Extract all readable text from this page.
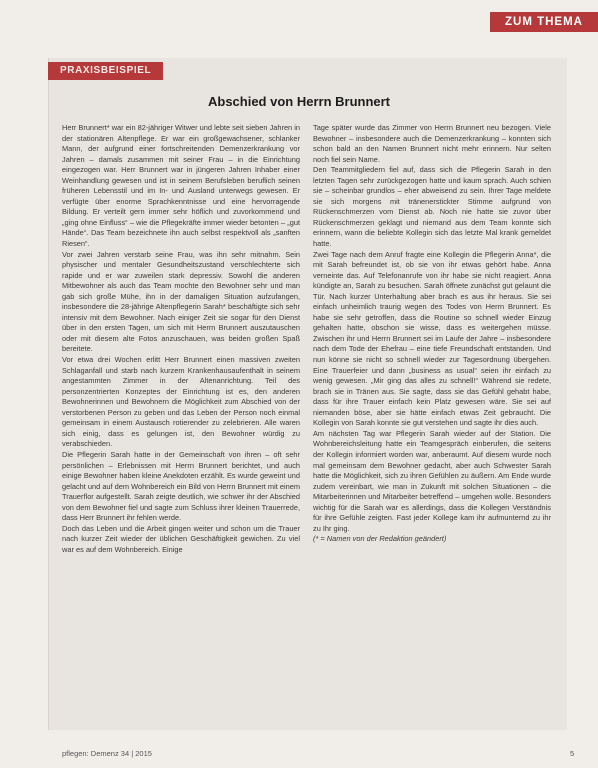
ZUM THEMA
PRAXISBEISPIEL
Abschied von Herrn Brunnert

Herr Brunnert* war ein 82-jähriger Witwer und lebte seit sieben Jahren in der stationären Altenpflege. Er war ein großgewachsener, schlanker Mann, der aufgrund einer fortschreitenden Demenzerkrankung vor Jahren – damals zusammen mit seiner Frau – in die Einrichtung eingezogen war. Herr Brunnert war in jüngeren Jahren Inhaber einer Weinhandlung gewesen und ist in seinem Berufsleben beruflich seinen früheren Lebensstil und im In- und Ausland unterwegs gewesen. Er verfügte über enorme Sprachkenntnisse und eine hervorragende Bildung. Er verteilt gern immer sehr höflich und zuvorkommend und „ging ohne Einfluss“ – wie die Pflegekräfte immer wieder betonten – „gut Hände“. Das Team bezeichnete ihn auch selbst respektvoll als „sanften Riesen“.

Vor zwei Jahren verstarb seine Frau, was ihn sehr mitnahm. Sein physischer und mentaler Gesundheitszustand verschlechterte sich rapide und er war zuweilen stark depressiv. Sowohl die anderen Mitbewohner als auch das Team mochte den Bewohner sehr und man gab sich große Mühe, ihn in der damaligen Situation aufzufangen, insbesondere die 28-jährige Altenpflegerin Sarah* beschäftigte sich sehr intensiv mit dem Bewohner. Nach einiger Zeit sie sogar für den Dienst über in den ersten Tagen, um sich mit Herrn Brunnert auszutauschen oder mit diesem alte Fotos anzuschauen, was beiden großen Spaß bereitete.

Vor etwa drei Wochen erlitt Herr Brunnert einen massiven zweiten Schlaganfall und starb nach kurzem Krankenhausaufenthalt in seinem angestammten Zimmer in der Altenanrichtung. Teil des personzentrierten Konzeptes der Einrichtung ist es, den anderen Bewohnerinnen und Bewohnern die Möglichkeit zum Abschied von der verstorbenen Person zu geben und das Leben der Person noch einmal gemeinsam in einem Austausch rotierender zu zelebrieren. Alle waren sich einig, dass es gelungen ist, den Bewohner würdig zu verabschieden.

Die Pflegerin Sarah hatte in der Gemeinschaft von ihren – oft sehr persönlichen – Erlebnissen mit Herrn Brunnert berichtet, und auch einige Bewohner haben kleine Anekdoten erzählt. Es wurde geweint und gelacht und auf dem Wohnbereich ein Bild von Herrn Brunnert mit einem Trauerflor aufgestellt. Sarah zeigte deutlich, wie schwer ihr der Abschied von dem Bewohner fiel und sagte zum Schluss ihrer kleinen Trauerrede, dass Herr Brunnert ihr fehlen werde.

Doch das Leben und die Arbeit gingen weiter und schon um die Trauer nach kurzer Zeit wieder der üblichen Geschäftigkeit gewichen. Zu viel war es auf dem Wohnbereich. Einige

Tage später wurde das Zimmer von Herrn Brunnert neu bezogen. Viele Bewohner – insbesondere auch die Demenzerkrankung – konnten sich schon bald an den Namen Brunnert nicht mehr erinnern. Nur selten noch fiel sein Name.

Den Teammitgliedern fiel auf, dass sich die Pflegerin Sarah in den letzten Tagen sehr zurückgezogen hatte und kaum sprach. Auch schien sie – scheinbar grundlos – eher abweisend zu sein. Ihrer Tage meldete sie sich morgens mit tränenerstickter Stimme aufgrund von Rückenschmerzen vom Dienst ab. Noch nie hatte sie zuvor über Rückenschmerzen geklagt und niemand aus dem Team konnte sich erinnern, wann die beliebte Kollegin sich das letzte Mal krank gemeldet hatte.

Zwei Tage nach dem Anruf fragte eine Kollegin die Pflegerin Anna*, die mit Sarah befreundet ist, ob sie von ihr etwas gehört habe. Anna verneinte das. Auf Telefonanrufe von ihr habe sie nicht reagiert. Anna kündigte an, Sarah zu besuchen. Sarah öffnete zunächst gut gelaunt die Tür. Nach kurzer Unterhaltung aber brach es aus ihr heraus. Sie sei einfach unheimlich traurig wegen des Todes von Herrn Brunnert. Es habe sie sehr getroffen, dass die Routine so schnell wieder Einzug gehalten hatte, obschon sie wisse, dass es weitergehen müsse. Zwischen ihr und Herrn Brunnert sei im Laufe der Jahre – insbesondere nach dem Tode der Ehefrau – eine tiefe Freundschaft entstanden. Und nun könne sie nicht so schnell wieder zur Tagesordnung übergehen. Eine Trauerfeier und dann „business as usual“ seien ihr einfach zu wenig gewesen. „Mir ging das alles zu schnell!“ Während sie redete, brach sie in Tränen aus. Sie sagte, dass sie das Gefühl gehabt habe, dass für ihre Trauer einfach kein Platz gewesen wäre. Sie sei auf niemanden böse, aber sie hätte einfach etwas Zeit gebraucht. Die Kollegin von Sarah konnte sie gut verstehen und sagte ihr dies auch.

Am nächsten Tag war Pflegerin Sarah wieder auf der Station. Die Wohnbereichsleitung hatte ein Teamgespräch einberufen, die seitens der Kollegin informiert worden war, anberaumt. Auf diesem wurde noch mal gemeinsam dem Bewohner gedacht, aber auch Schwester Sarah hatte die Möglichkeit, sich zu ihren Gefühlen zu äußern. Am Ende wurde zudem vereinbart, wie man in Zukunft mit solchen Situationen – die Mitarbeiterinnen und Mitarbeiter betreffend – umgehen wolle. Besonders wichtig für die Sarah war es allerdings, dass die Kollegen Verständnis für ihre Gefühle zeigten. Fast jeder Kollege kam ihr aufmunternd zu ihr zu Ihr ging.

(* = Namen von der Redaktion geändert)

pflegen: Demenz 34 | 2015	5
